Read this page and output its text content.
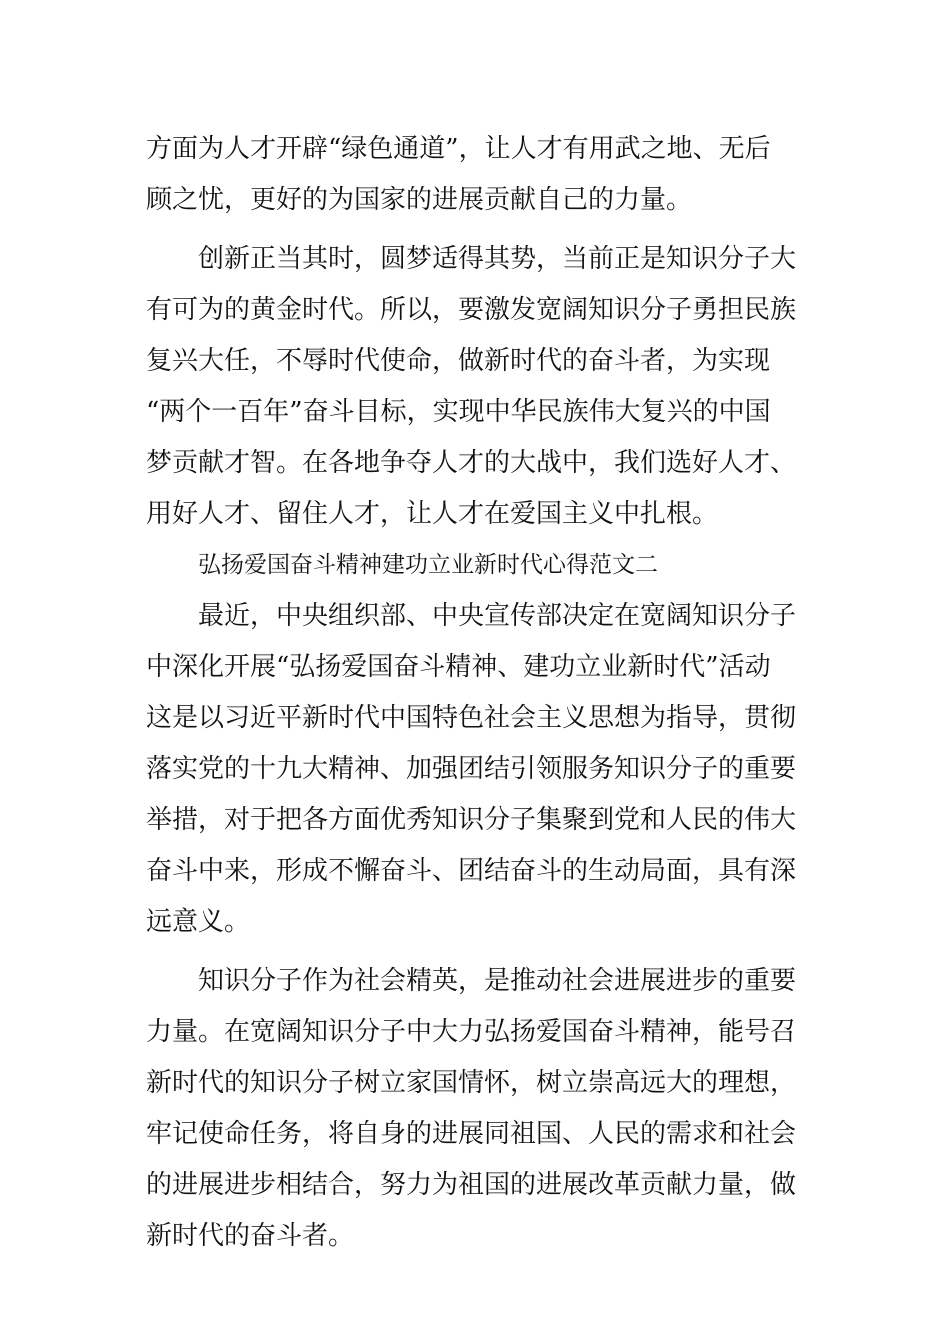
方面为人才开辟“绿色通道”，让人才有用武之地、无后
顾之忧，更好的为国家的进展贡献自己的力量。
创新正当其时，圆梦适得其势，当前正是知识分子大
有可为的黄金时代。所以，要激发宽阔知识分子勇担民族
复兴大任，不辱时代使命，做新时代的奋斗者，为实现
“两个一百年”奋斗目标，实现中华民族伟大复兴的中国
梦贡献才智。在各地争夺人才的大战中，我们选好人才、
用好人才、留住人才，让人才在爱国主义中扎根。
弘扬爱国奋斗精神建功立业新时代心得范文二
最近，中央组织部、中央宣传部决定在宽阔知识分子
中深化开展“弘扬爱国奋斗精神、建功立业新时代”活动
这是以习近平新时代中国特色社会主义思想为指导，贯彻
落实党的十九大精神、加强团结引领服务知识分子的重要
举措，对于把各方面优秀知识分子集聚到党和人民的伟大
奋斗中来，形成不懈奋斗、团结奋斗的生动局面，具有深
远意义。
知识分子作为社会精英，是推动社会进展进步的重要
力量。在宽阔知识分子中大力弘扬爱国奋斗精神，能号召
新时代的知识分子树立家国情怀，树立崇高远大的理想，
牢记使命任务，将自身的进展同祖国、人民的需求和社会
的进展进步相结合，努力为祖国的进展改革贡献力量，做
新时代的奋斗者。
